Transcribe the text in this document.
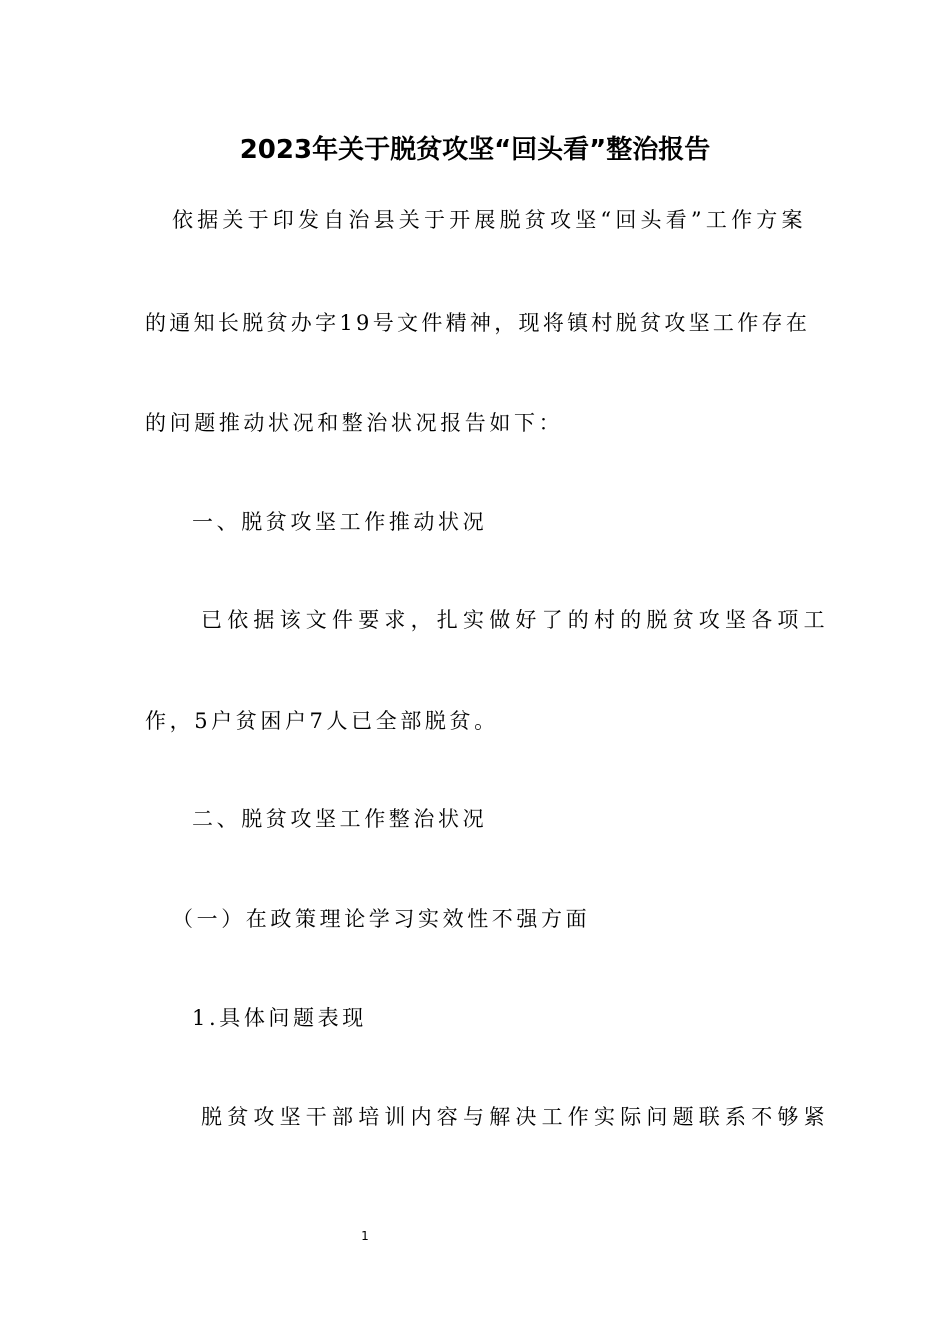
2023年关于脱贫攻坚“回头看”整治报告

依据关于印发自治县关于开展脱贫攻坚“回头看”工作方案

的通知长脱贫办字19号文件精神，现将镇村脱贫攻坚工作存在

的问题推动状况和整治状况报告如下：

一、脱贫攻坚工作推动状况

已依据该文件要求，扎实做好了的村的脱贫攻坚各项工

作，5户贫困户7人已全部脱贫。

二、脱贫攻坚工作整治状况

（一）在政策理论学习实效性不强方面

1.具体问题表现

脱贫攻坚干部培训内容与解决工作实际问题联系不够紧

1
